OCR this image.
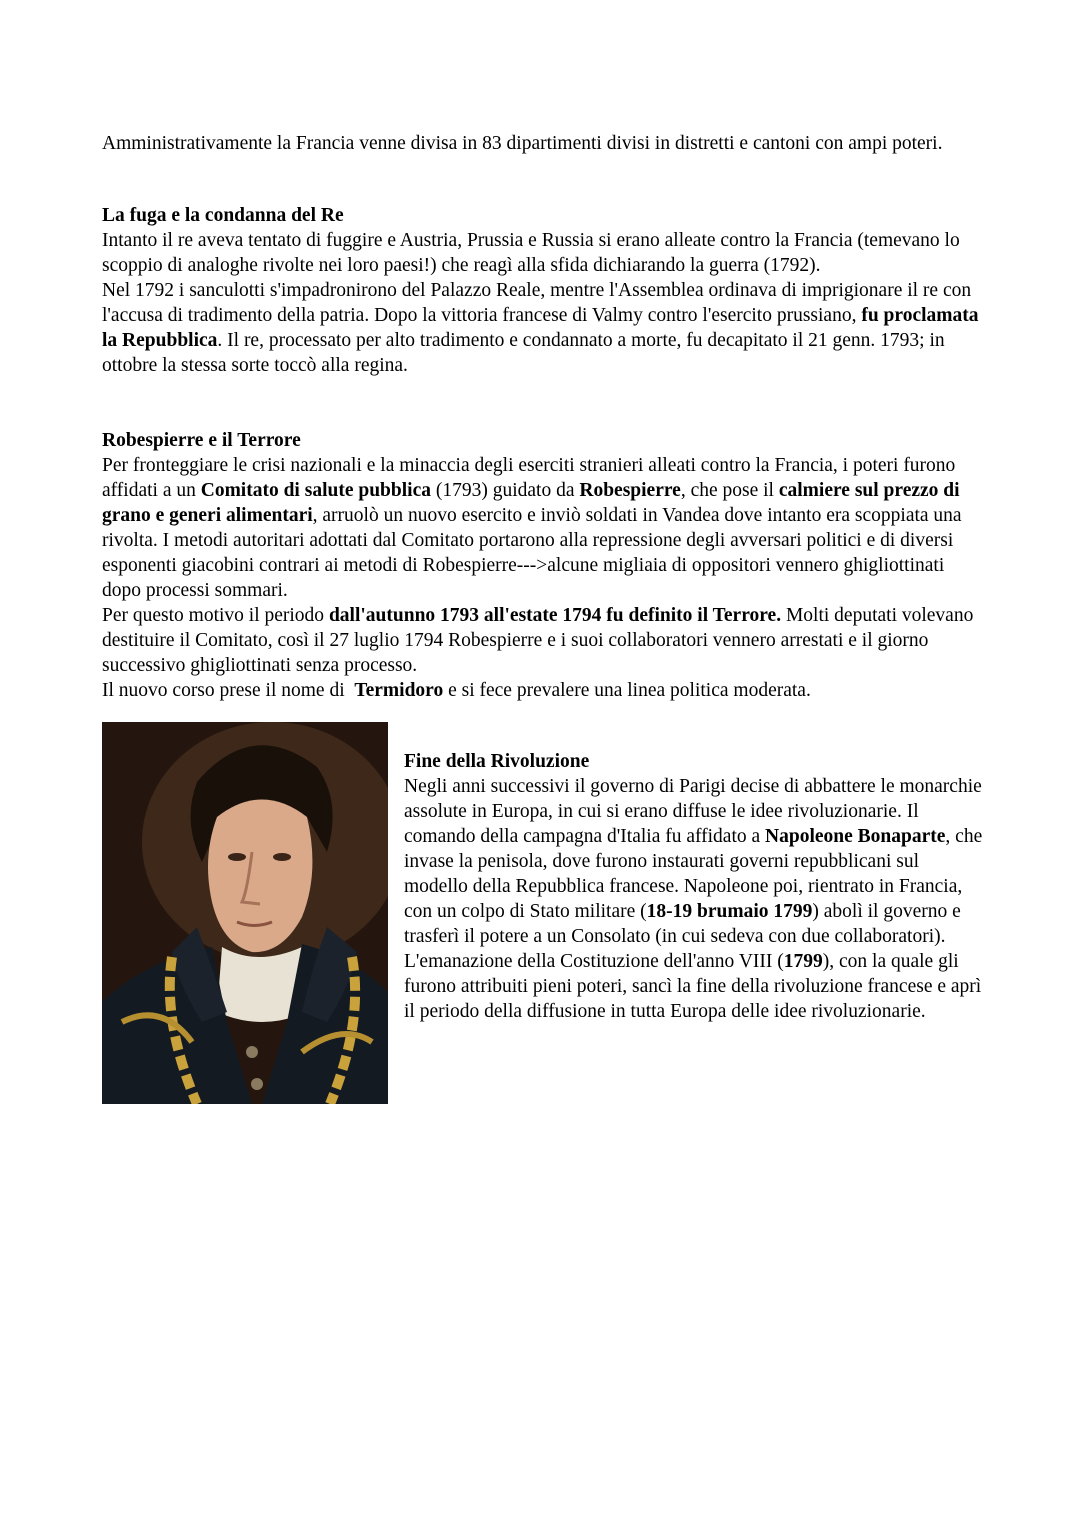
Amministrativamente la Francia venne divisa in 83 dipartimenti divisi in distretti e cantoni con ampi poteri.

La fuga e la condanna del Re

Intanto il re aveva tentato di fuggire e Austria, Prussia e Russia si erano alleate contro la Francia (temevano lo scoppio di analoghe rivolte nei loro paesi!) che reagì alla sfida dichiarando la guerra (1792).

Nel 1792 i sanculotti s'impadronirono del Palazzo Reale, mentre l'Assemblea ordinava di imprigionare il re con l'accusa di tradimento della patria. Dopo la vittoria francese di Valmy contro l'esercito prussiano, fu proclamata la Repubblica. Il re, processato per alto tradimento e condannato a morte, fu decapitato il 21 genn. 1793; in ottobre la stessa sorte toccò alla regina.

Robespierre e il Terrore

Per fronteggiare le crisi nazionali e la minaccia degli eserciti stranieri alleati contro la Francia, i poteri furono affidati a un Comitato di salute pubblica (1793) guidato da Robespierre, che pose il calmiere sul prezzo di grano e generi alimentari, arruolò un nuovo esercito e inviò soldati in Vandea dove intanto era scoppiata una rivolta. I metodi autoritari adottati dal Comitato portarono alla repressione degli avversari politici e di diversi esponenti giacobini contrari ai metodi di Robespierre--->alcune migliaia di oppositori vennero ghigliottinati dopo processi sommari.

Per questo motivo il periodo dall'autunno 1793 all'estate 1794 fu definito il Terrore. Molti deputati volevano destituire il Comitato, così il 27 luglio 1794 Robespierre e i suoi collaboratori vennero arrestati e il giorno successivo ghigliottinati senza processo.

Il nuovo corso prese il nome di  Termidoro e si fece prevalere una linea politica moderata.

Fine della Rivoluzione

Negli anni successivi il governo di Parigi decise di abbattere le monarchie assolute in Europa, in cui si erano diffuse le idee rivoluzionarie. Il comando della campagna d'Italia fu affidato a Napoleone Bonaparte, che invase la penisola, dove furono instaurati governi repubblicani sul modello della Repubblica francese. Napoleone poi, rientrato in Francia, con un colpo di Stato militare (18-19 brumaio 1799) abolì il governo e trasferì il potere a un Consolato (in cui sedeva con due collaboratori). L'emanazione della Costituzione dell'anno VIII (1799), con la quale gli furono attribuiti pieni poteri, sancì la fine della rivoluzione francese e aprì il periodo della diffusione in tutta Europa delle idee rivoluzionarie.
